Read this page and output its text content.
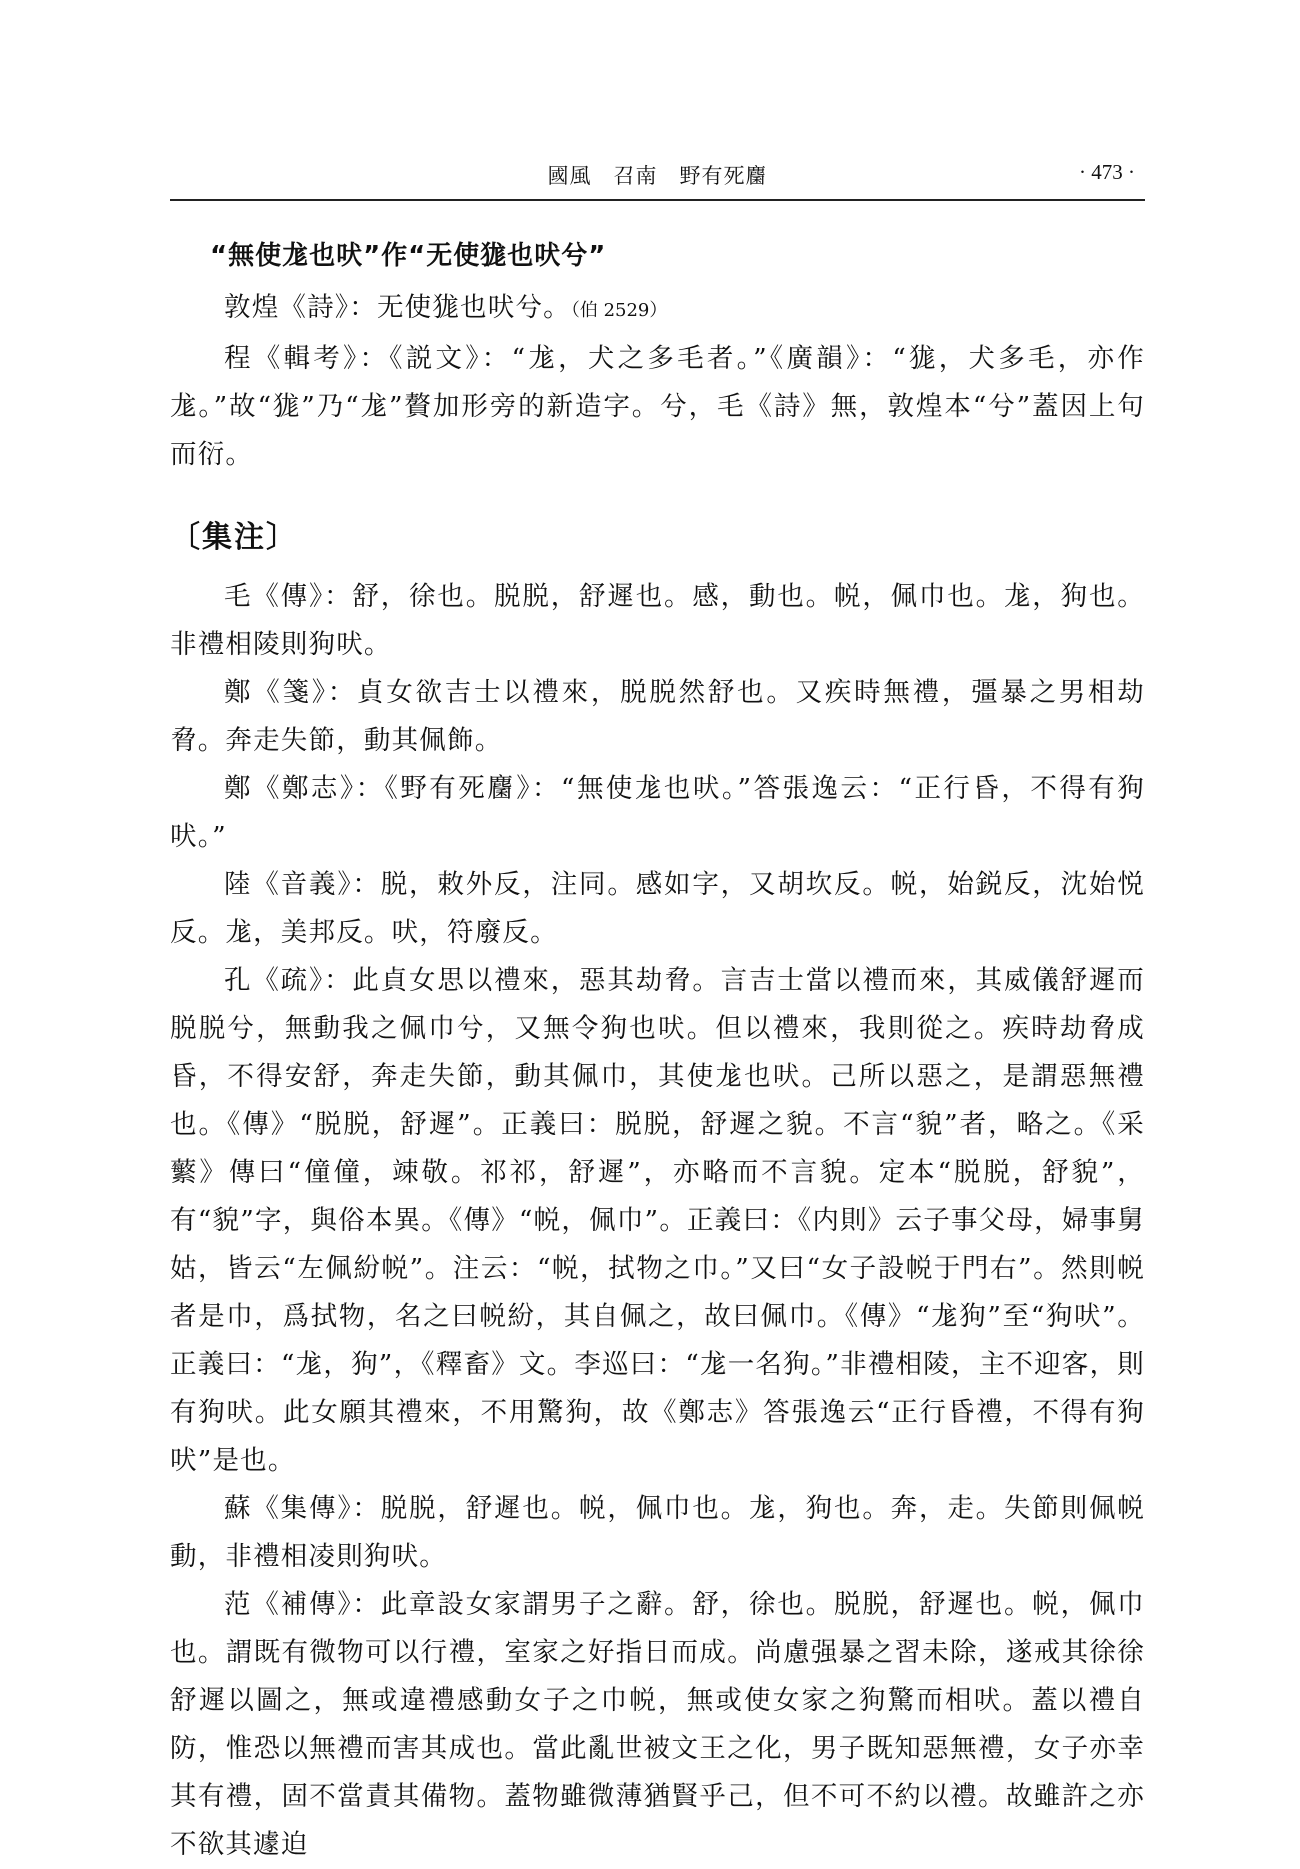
國風　召南　野有死麕	· 473 ·
“無使尨也吠”作“无使狵也吠兮”

敦煌《詩》：无使狵也吠兮。（伯 2529）

程《輯考》：《説文》：“尨，犬之多毛者。”《廣韻》：“狵，犬多毛，亦作尨。”故“狵”乃“尨”贅加形旁的新造字。兮，毛《詩》無，敦煌本“兮”蓋因上句而衍。

〔集注〕

毛《傳》：舒，徐也。脱脱，舒遲也。感，動也。帨，佩巾也。尨，狗也。非禮相陵則狗吠。

鄭《箋》：貞女欲吉士以禮來，脱脱然舒也。又疾時無禮，彊暴之男相劫脅。奔走失節，動其佩飾。

鄭《鄭志》：《野有死麕》：“無使尨也吠。”答張逸云：“正行昏，不得有狗吠。”

陸《音義》：脱，敕外反，注同。感如字，又胡坎反。帨，始鋭反，沈始悦反。尨，美邦反。吠，符廢反。

孔《疏》：此貞女思以禮來，惡其劫脅。言吉士當以禮而來，其威儀舒遲而脱脱兮，無動我之佩巾兮，又無令狗也吠。但以禮來，我則從之。疾時劫脅成昏，不得安舒，奔走失節，動其佩巾，其使尨也吠。己所以惡之，是謂惡無禮也。《傳》“脱脱，舒遲”。正義曰：脱脱，舒遲之貌。不言“貌”者，略之。《采蘩》傳曰“僮僮，竦敬。祁祁，舒遲”，亦略而不言貌。定本“脱脱，舒貌”，有“貌”字，與俗本異。《傳》“帨，佩巾”。正義曰：《内則》云子事父母，婦事舅姑，皆云“左佩紛帨”。注云：“帨，拭物之巾。”又曰“女子設帨于門右”。然則帨者是巾，爲拭物，名之曰帨紛，其自佩之，故曰佩巾。《傳》“尨狗”至“狗吠”。正義曰：“尨，狗”，《釋畜》文。李巡曰：“尨一名狗。”非禮相陵，主不迎客，則有狗吠。此女願其禮來，不用驚狗，故《鄭志》答張逸云“正行昏禮，不得有狗吠”是也。

蘇《集傳》：脱脱，舒遲也。帨，佩巾也。尨，狗也。奔，走。失節則佩帨動，非禮相凌則狗吠。

范《補傳》：此章設女家謂男子之辭。舒，徐也。脱脱，舒遲也。帨，佩巾也。謂既有微物可以行禮，室家之好指日而成。尚慮强暴之習未除，遂戒其徐徐舒遲以圖之，無或違禮感動女子之巾帨，無或使女家之狗驚而相吠。蓋以禮自防，惟恐以無禮而害其成也。當此亂世被文王之化，男子既知惡無禮，女子亦幸其有禮，固不當責其備物。蓋物雖微薄猶賢乎己，但不可不約以禮。故雖許之亦不欲其遽迫
